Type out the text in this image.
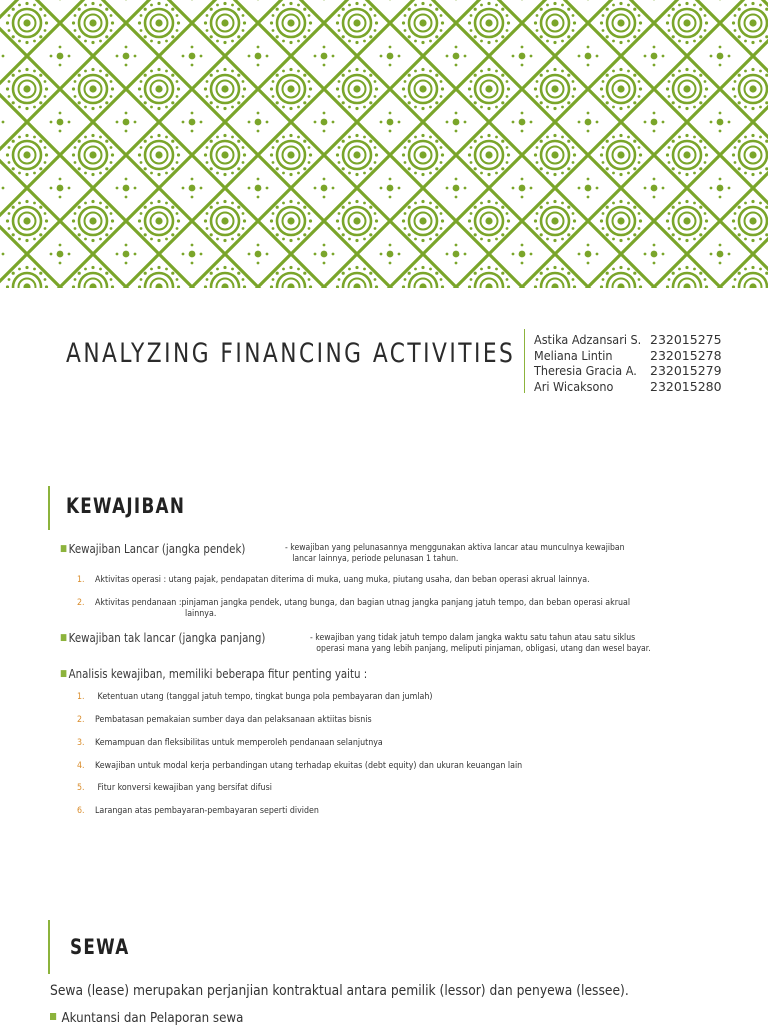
ANALYZING FINANCING ACTIVITIES Astika Adzansari S. 232015275
Meliana Lintin	232015278
Theresia Gracia A. 232015279
Ari Wicaksono	232015280
KEWAJIBAN
■ Kewajiban Lancar (jangka pendek)	- kewajiban yang pelunasannya menggunakan aktiva lancar atau munculnya kewajiban
lancar lainnya, periode pelunasan 1 tahun.
1. Aktivitas operasi : utang pajak, pendapatan diterima di muka, uang muka, piutang usaha, dan beban operasi akrual lainnya.
2. Aktivitas pendanaan :pinjaman jangka pendek, utang bunga, dan bagian utnag jangka panjang jatuh tempo, dan beban operasi akrual
lainnya.
■ Kewajiban tak lancar (jangka panjang)	- kewajiban yang tidak jatuh tempo dalam jangka waktu satu tahun atau satu siklus
operasi mana yang lebih panjang, meliputi pinjaman, obligasi, utang dan wesel bayar.
■ Analisis kewajiban, memiliki beberapa fitur penting yaitu :
1. Ketentuan utang (tanggal jatuh tempo, tingkat bunga pola pembayaran dan jumlah)
2. Pembatasan pemakaian sumber daya dan pelaksanaan aktiitas bisnis
3. Kemampuan dan fleksibilitas untuk memperoleh pendanaan selanjutnya
4. Kewajiban untuk modal kerja perbandingan utang terhadap ekuitas (debt equity) dan ukuran keuangan lain
5. Fitur konversi kewajiban yang bersifat difusi
6. Larangan atas pembayaran-pembayaran seperti dividen
SEWA
Sewa (lease) merupakan perjanjian kontraktual antara pemilik (lessor) dan penyewa (lessee).
Akuntansi dan Pelaporan sewa
